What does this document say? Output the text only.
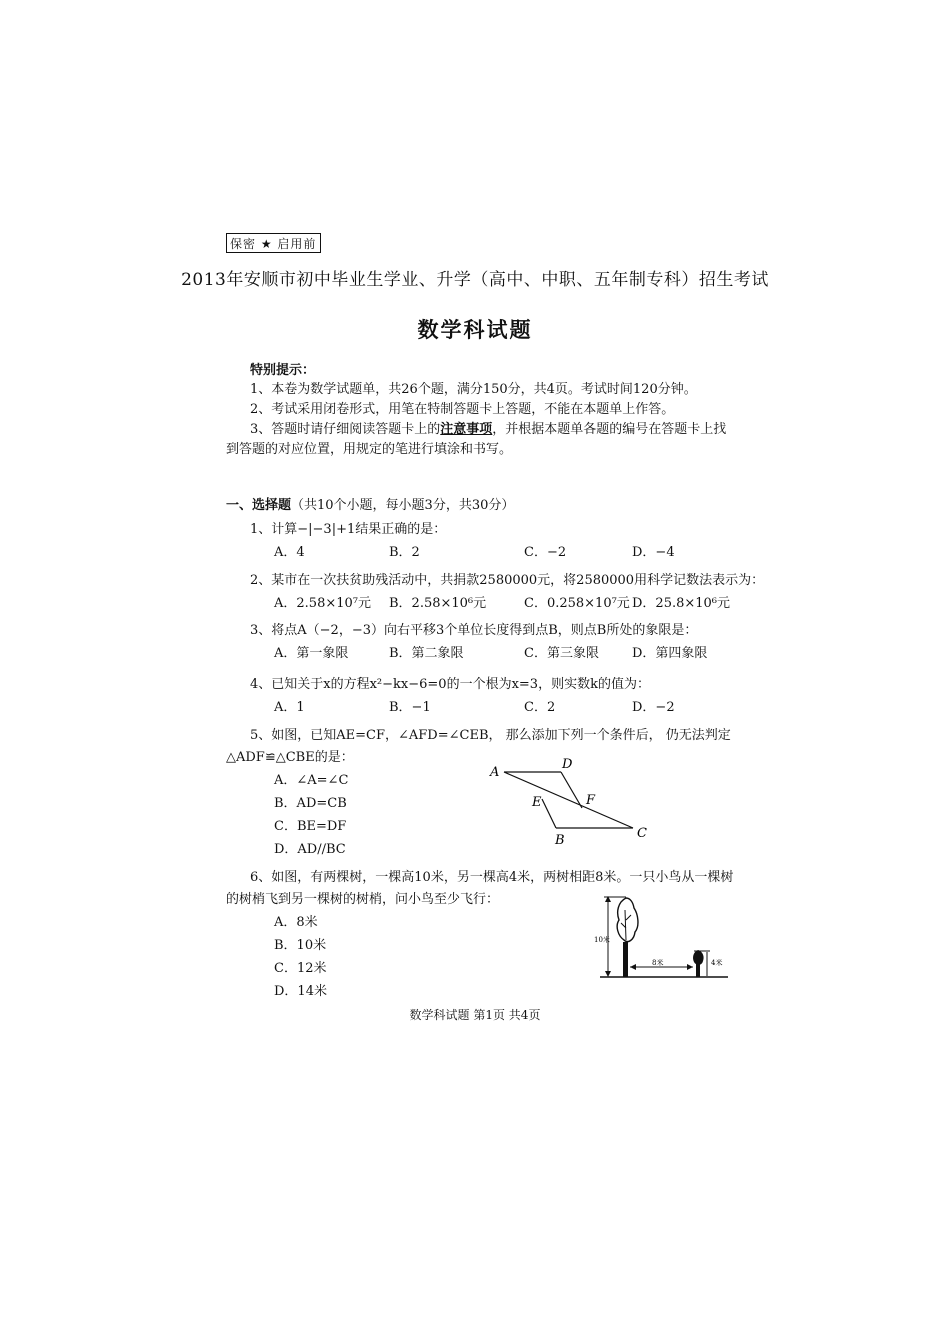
保密 ★ 启用前
2013年安顺市初中毕业生学业、升学（高中、中职、五年制专科）招生考试
数学科试题
特别提示：
1、本卷为数学试题单，共26个题，满分150分，共4页。考试时间120分钟。
2、考试采用闭卷形式，用笔在特制答题卡上答题，不能在本题单上作答。
3、答题时请仔细阅读答题卡上的注意事项，并根据本题单各题的编号在答题卡上找
到答题的对应位置，用规定的笔进行填涂和书写。
一、选择题（共10个小题，每小题3分，共30分）
1、计算−|−3|+1结果正确的是：
A．4	B．2	C．−2	D．−4
2、某市在一次扶贫助残活动中，共捐款2580000元，将2580000用科学记数法表示为：
A．2.58×10⁷元 B．2.58×10⁶元	C．0.258×10⁷元 D．25.8×10⁶元
3、将点A（−2，−3）向右平移3个单位长度得到点B，则点B所处的象限是：
A．第一象限	B．第二象限	C．第三象限	D．第四象限
4、已知关于x的方程x²−kx−6=0的一个根为x=3，则实数k的值为：
A．1	B．−1	C．2	D．−2
5、如图，已知AE=CF，∠AFD=∠CEB， 那么添加下列一个条件后， 仍无法判定
△ADF≌△CBE的是：
A．∠A=∠C
B．AD=CB
C．BE=DF
D．AD//BC
A
D
E	F
B	C
6、如图，有两棵树，一棵高10米，另一棵高4米，两树相距8米。一只小鸟从一棵树
的树梢飞到另一棵树的树梢，问小鸟至少飞行：
A．8米
B．10米
C．12米
D．14米
10米
8米	4米
数学科试题 第1页 共4页
